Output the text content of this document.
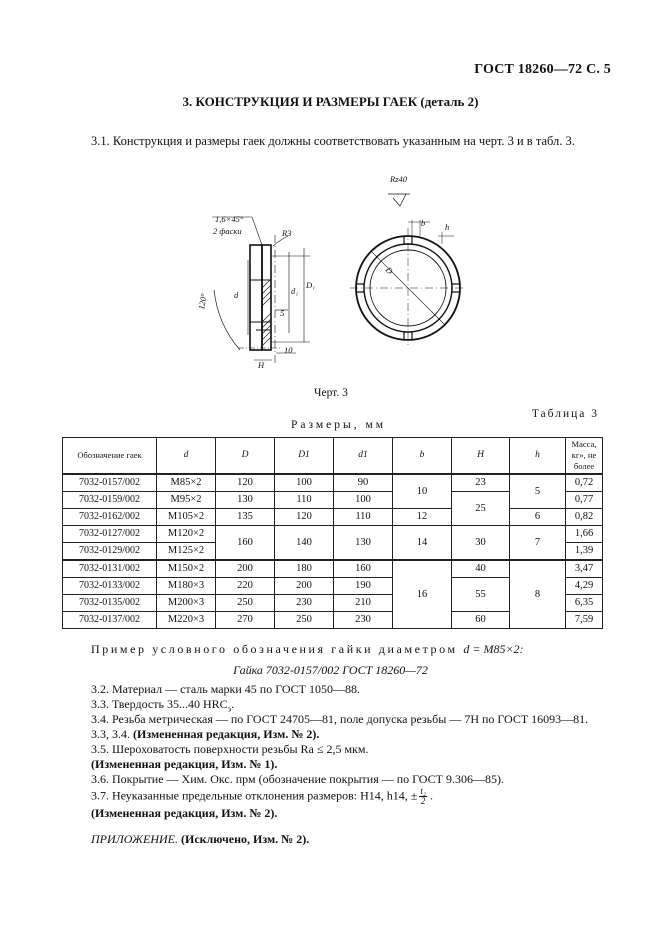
ГОСТ 18260—72 С. 5
3. КОНСТРУКЦИЯ И РАЗМЕРЫ ГАЕК (деталь 2)
3.1. Конструкция и размеры гаек должны соответствовать указанным на черт. 3 и в табл. 3.
1,6×45°
2 фаски	R3
d	d₁
D₁
120°
5
H
10
Rz40
b h
D
Черт. 3
Таблица 3
Размеры, мм
Обозначение гаек	d	D	D1	d1	b	H	h	Масса, кг», не более
7032-0157/002	M85×2	120	100	90	10	23	5	0,72
7032-0159/002	M95×2	130	110	100		25		0,77
7032-0162/002	M105×2	135	120	110	12		6	0,82
7032-0127/002	M120×2	160	140	130	14	30	7	1,66
7032-0129/002	M125×2							1,39
7032-0131/002	M150×2	200	180	160	16	40	8	3,47
7032-0133/002	M180×3	220	200	190		55		4,29
7032-0135/002	M200×3	250	230	210				6,35
7032-0137/002	M220×3	270	250	230		60		7,59
Пример условного обозначения гайки диаметром d = M85×2:
Гайка 7032-0157/002 ГОСТ 18260—72
3.2. Материал — сталь марки 45 по ГОСТ 1050—88.
3.3. Твердость 35...40 $HRC_э$.
3.4. Резьба метрическая — по ГОСТ 24705—81, поле допуска резьбы — 7H по ГОСТ 16093—81.
3.3, 3.4. (Измененная редакция, Изм. № 2).
3.5. Шероховатость поверхности резьбы Ra ≤ 2,5 мкм.
(Измененная редакция, Изм. № 1).
3.6. Покрытие — Хим. Окс. прм (обозначение покрытия — по ГОСТ 9.306—85).
3.7. Неуказанные предельные отклонения размеров: H14, h14, ± $\frac{\text{t₂}}{2}$ .
(Измененная редакция, Изм. № 2).
ПРИЛОЖЕНИЕ. (Исключено, Изм. № 2).
